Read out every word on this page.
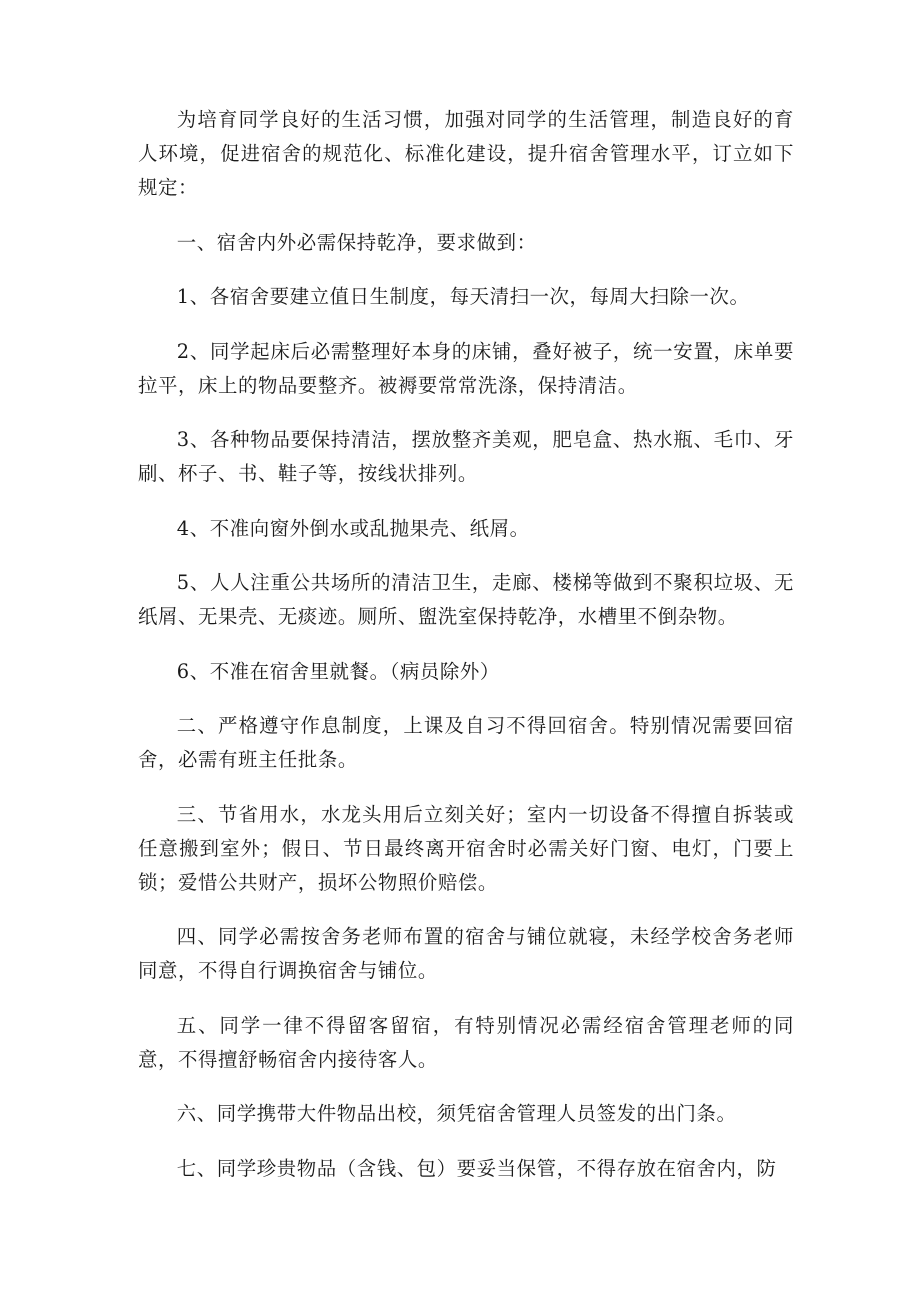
为培育同学良好的生活习惯，加强对同学的生活管理，制造良好的育人环境，促进宿舍的规范化、标准化建设，提升宿舍管理水平，订立如下规定：

一、宿舍内外必需保持乾净，要求做到：

1、各宿舍要建立值日生制度，每天清扫一次，每周大扫除一次。

2、同学起床后必需整理好本身的床铺，叠好被子，统一安置，床单要拉平，床上的物品要整齐。被褥要常常洗涤，保持清洁。

3、各种物品要保持清洁，摆放整齐美观，肥皂盒、热水瓶、毛巾、牙刷、杯子、书、鞋子等，按线状排列。

4、不准向窗外倒水或乱抛果壳、纸屑。

5、人人注重公共场所的清洁卫生，走廊、楼梯等做到不聚积垃圾、无纸屑、无果壳、无痰迹。厕所、盥洗室保持乾净，水槽里不倒杂物。

6、不准在宿舍里就餐。（病员除外）

二、严格遵守作息制度，上课及自习不得回宿舍。特别情况需要回宿舍，必需有班主任批条。

三、节省用水，水龙头用后立刻关好；室内一切设备不得擅自拆装或任意搬到室外；假日、节日最终离开宿舍时必需关好门窗、电灯，门要上锁；爱惜公共财产，损坏公物照价赔偿。

四、同学必需按舍务老师布置的宿舍与铺位就寝，未经学校舍务老师同意，不得自行调换宿舍与铺位。

五、同学一律不得留客留宿，有特别情况必需经宿舍管理老师的同意，不得擅舒畅宿舍内接待客人。

六、同学携带大件物品出校，须凭宿舍管理人员签发的出门条。

七、同学珍贵物品（含钱、包）要妥当保管，不得存放在宿舍内，防
